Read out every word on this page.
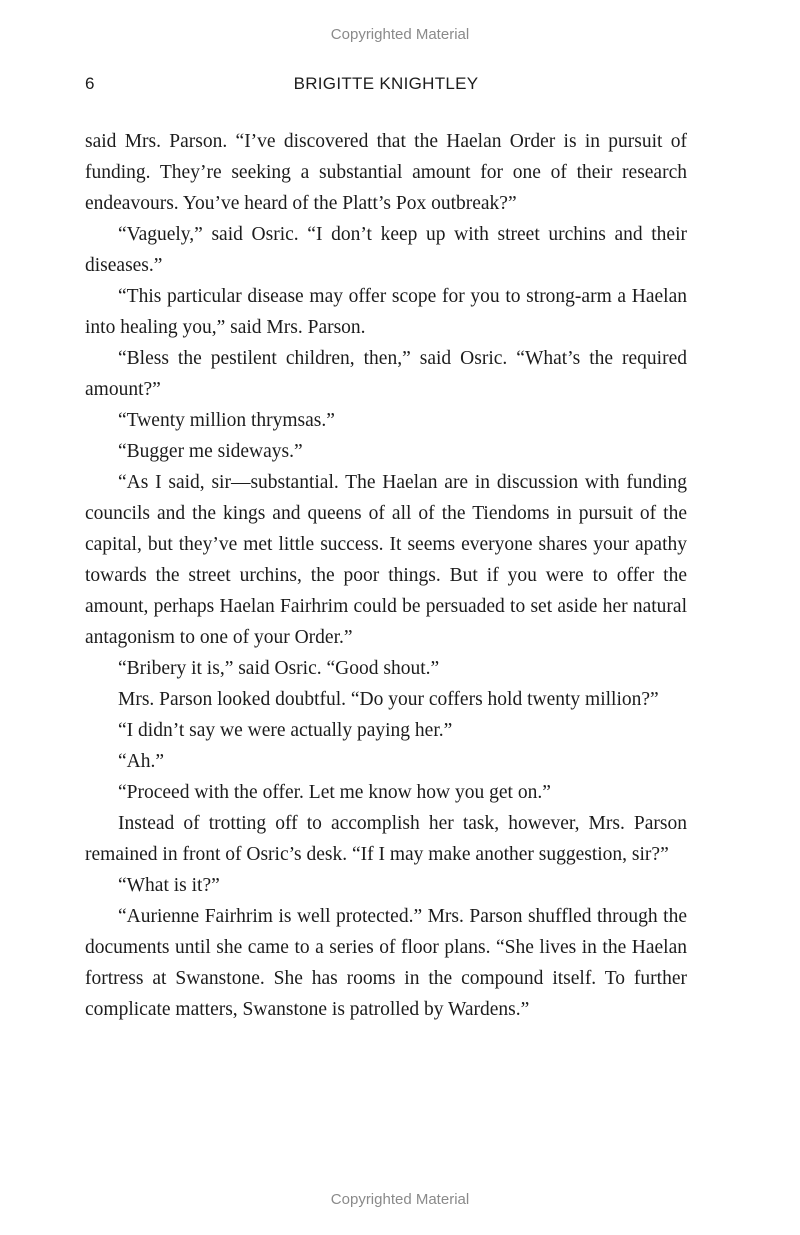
Copyrighted Material
6	BRIGITTE KNIGHTLEY

said Mrs. Parson. “I’ve discovered that the Haelan Order is in pursuit of funding. They’re seeking a substantial amount for one of their research endeavours. You’ve heard of the Platt’s Pox outbreak?”

“Vaguely,” said Osric. “I don’t keep up with street urchins and their diseases.”

“This particular disease may offer scope for you to strong-arm a Haelan into healing you,” said Mrs. Parson.

“Bless the pestilent children, then,” said Osric. “What’s the required amount?”

“Twenty million thrymsas.”

“Bugger me sideways.”

“As I said, sir—substantial. The Haelan are in discussion with funding councils and the kings and queens of all of the Tiendoms in pursuit of the capital, but they’ve met little success. It seems everyone shares your apathy towards the street urchins, the poor things. But if you were to offer the amount, perhaps Haelan Fairhrim could be persuaded to set aside her natural antagonism to one of your Order.”

“Bribery it is,” said Osric. “Good shout.”

Mrs. Parson looked doubtful. “Do your coffers hold twenty million?”

“I didn’t say we were actually paying her.”

“Ah.”

“Proceed with the offer. Let me know how you get on.”

Instead of trotting off to accomplish her task, however, Mrs. Parson remained in front of Osric’s desk. “If I may make another suggestion, sir?”

“What is it?”

“Aurienne Fairhrim is well protected.” Mrs. Parson shuffled through the documents until she came to a series of floor plans. “She lives in the Haelan fortress at Swanstone. She has rooms in the compound itself. To further complicate matters, Swanstone is patrolled by Wardens.”

Copyrighted Material
